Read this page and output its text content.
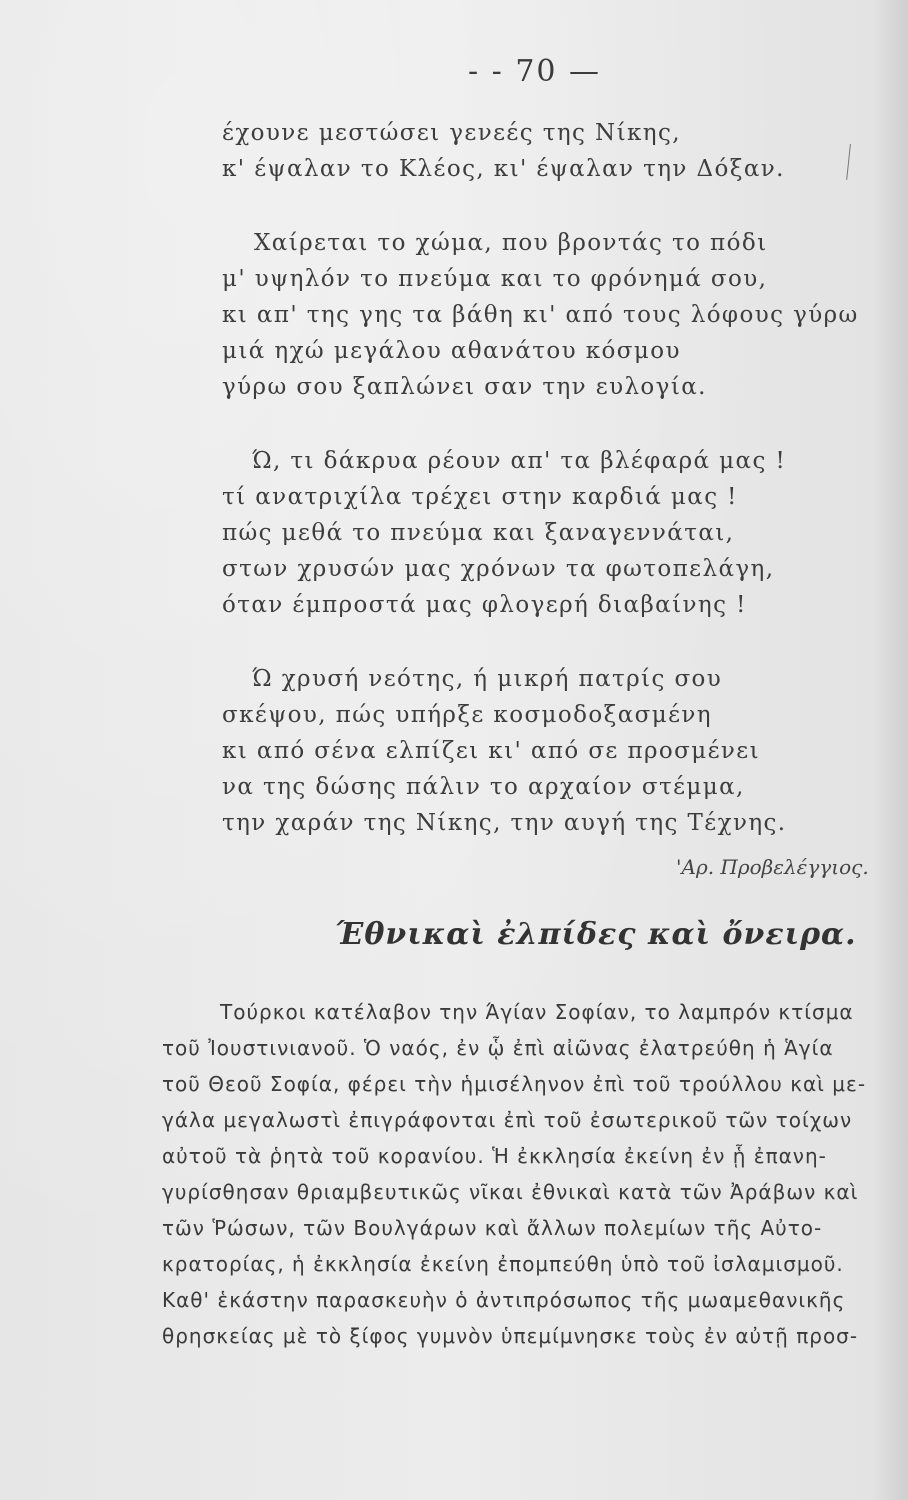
- - 70 —
έχουνε μεστώσει γενεές της Νίκης,
κ' έψαλαν το Κλέος, κι' έψαλαν την Δόξαν.
Χαίρεται το χώμα, που βροντάς το πόδι
μ' υψηλόν το πνεύμα και το φρόνημά σου,
κι απ' της γης τα βάθη κι' από τους λόφους γύρω
μιά ηχώ μεγάλου αθανάτου κόσμου
γύρω σου ξαπλώνει σαν την ευλογία.
Ώ, τι δάκρυα ρέουν απ' τα βλέφαρά μας !
τί ανατριχίλα τρέχει στην καρδιά μας !
πώς μεθά το πνεύμα και ξαναγεννάται,
στων χρυσών μας χρόνων τα φωτοπελάγη,
όταν έμπροστά μας φλογερή διαβαίνης !
Ώ χρυσή νεότης, ή μικρή πατρίς σου
σκέψου, πώς υπήρξε κοσμοδοξασμένη
κι από σένα ελπίζει κι' από σε προσμένει
να της δώσης πάλιν το αρχαίον στέμμα,
την χαράν της Νίκης, την αυγή της Τέχνης.
'Αρ. Προβελέγγιος.
Έθνικαὶ ἐλπίδες καὶ ὄνειρα.
Τούρκοι κατέλαβον την Άγίαν Σοφίαν, το λαμπρόν κτίσμα
τοῦ Ἰουστινιανοῦ. Ὁ ναός, ἐν ᾧ ἐπὶ αἰῶνας ἐλατρεύθη ἡ Ἁγία
τοῦ Θεοῦ Σοφία, φέρει τὴν ἡμισέληνον ἐπὶ τοῦ τρούλλου καὶ με-
γάλα μεγαλωστὶ ἐπιγράφονται ἐπὶ τοῦ ἐσωτερικοῦ τῶν τοίχων
αὐτοῦ τὰ ῥητὰ τοῦ κορανίου. Ἡ ἐκκλησία ἐκείνη ἐν ᾗ ἐπανη-
γυρίσθησαν θριαμβευτικῶς νῖκαι ἐθνικαὶ κατὰ τῶν Ἀράβων καὶ
τῶν Ῥώσων, τῶν Βουλγάρων καὶ ἄλλων πολεμίων τῆς Αὐτο-
κρατορίας, ἡ ἐκκλησία ἐκείνη ἐπομπεύθη ὑπὸ τοῦ ἰσλαμισμοῦ.
Καθ' ἑκάστην παρασκευὴν ὁ ἀντιπρόσωπος τῆς μωαμεθανικῆς
θρησκείας μὲ τὸ ξίφος γυμνὸν ὑπεμίμνησκε τοὺς ἐν αὐτῇ προσ-
